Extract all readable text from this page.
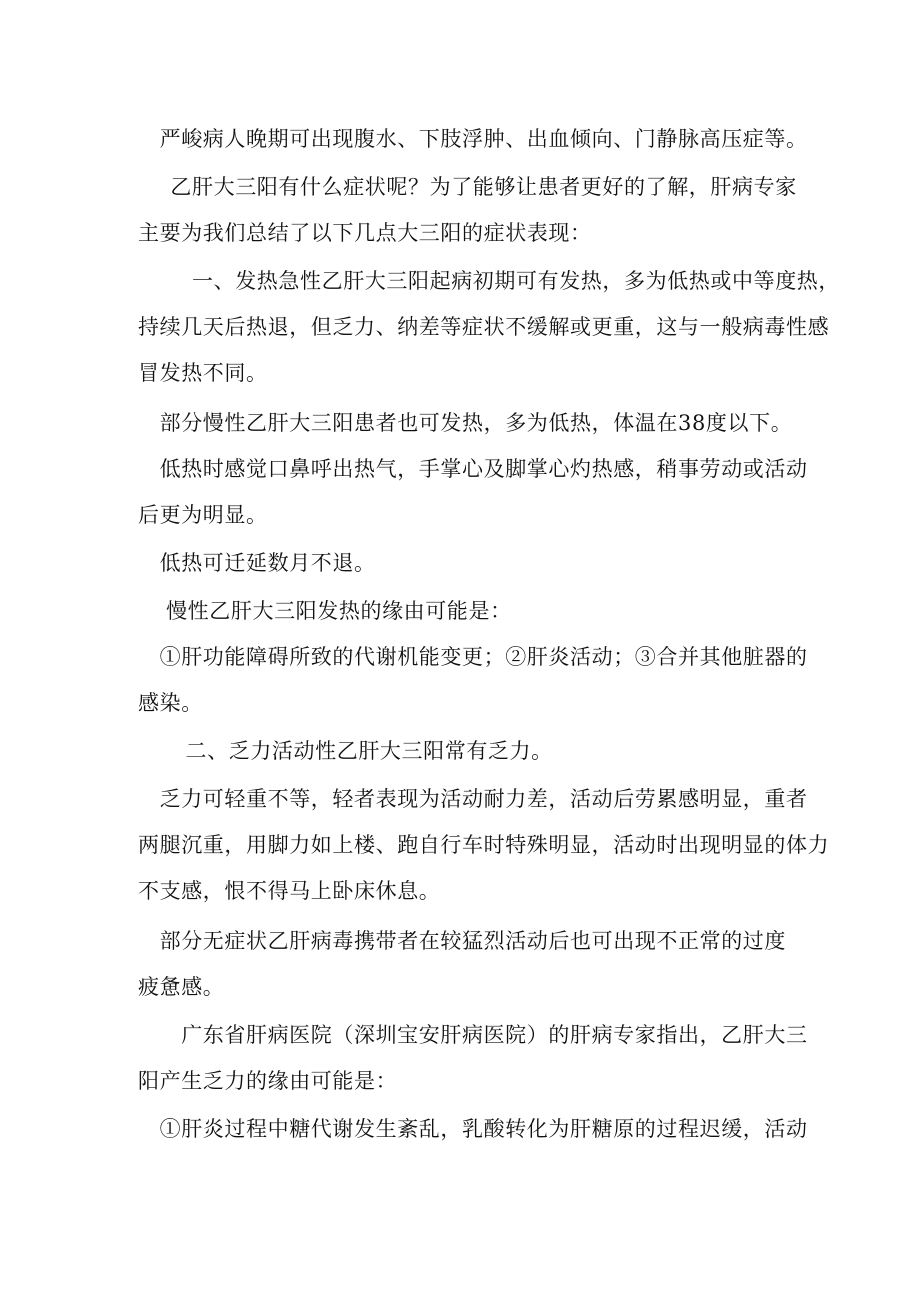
严峻病人晚期可出现腹水、下肢浮肿、出血倾向、门静脉高压症等。

乙肝大三阳有什么症状呢？为了能够让患者更好的了解，肝病专家
主要为我们总结了以下几点大三阳的症状表现：

一、发热急性乙肝大三阳起病初期可有发热，多为低热或中等度热，
持续几天后热退，但乏力、纳差等症状不缓解或更重，这与一般病毒性感
冒发热不同。

部分慢性乙肝大三阳患者也可发热，多为低热，体温在38度以下。

低热时感觉口鼻呼出热气，手掌心及脚掌心灼热感，稍事劳动或活动
后更为明显。

低热可迁延数月不退。

慢性乙肝大三阳发热的缘由可能是：

①肝功能障碍所致的代谢机能变更；②肝炎活动；③合并其他脏器的
感染。

二、乏力活动性乙肝大三阳常有乏力。

乏力可轻重不等，轻者表现为活动耐力差，活动后劳累感明显，重者
两腿沉重，用脚力如上楼、跑自行车时特殊明显，活动时出现明显的体力
不支感，恨不得马上卧床休息。

部分无症状乙肝病毒携带者在较猛烈活动后也可出现不正常的过度
疲惫感。

广东省肝病医院（深圳宝安肝病医院）的肝病专家指出，乙肝大三
阳产生乏力的缘由可能是：

①肝炎过程中糖代谢发生紊乱，乳酸转化为肝糖原的过程迟缓，活动
